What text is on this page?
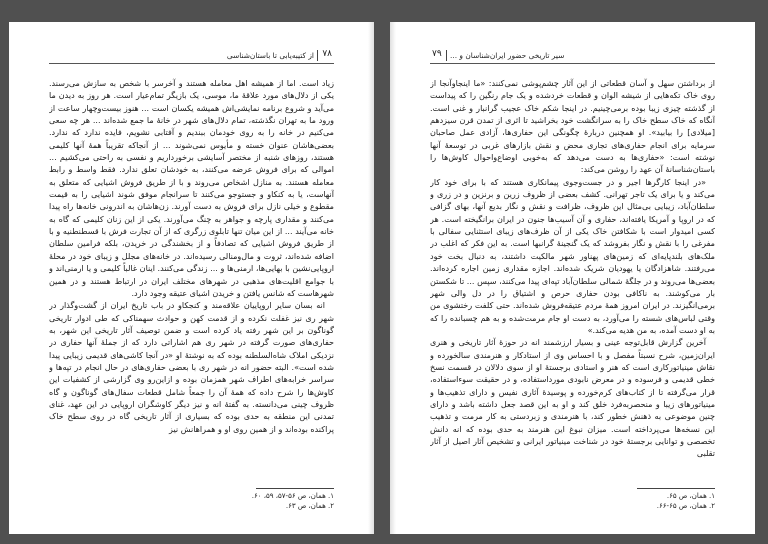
۷۸
از کتیبه‌یابی تا باستان‌شناسی

زیاد است. اما از همیشه اهل معامله هستند و آخرسر با شخص به سازش می‌رسند. یکی از دلال‌های مورد علاقهٔ ما، موسی، یک بازیگر تمام‌عیار است. هر روز به دیدن ما می‌آید و شروع برنامه نمایشی‌اش همیشه یکسان است ... هنوز بیست‌وچهار ساعت از ورود ما به تهران نگذشته، تمام دلال‌های شهر در خانهٔ ما جمع شده‌اند ... هر چه سعی می‌کنیم در خانه را به روی خودمان ببندیم و آفتابی نشویم، فایده ندارد که ندارد. بعضی‌هاشان عنوان خسته و مأیوس نمی‌شوند ... از آنجاکه تقریباً همهٔ آنها کلیمی هستند، روزهای شنبه از مختصر آسایشی برخورداریم و نفسی به راحتی می‌کشیم ... اموالی که برای فروش عرضه می‌کنند، به خودشان تعلق ندارد. فقط واسط و رابط معامله هستند. به منازل اشخاص می‌روند و با از طریق فروش اشیایی که متعلق به آنهاست، یا به کنکاو و جستوجو می‌کنند تا سرانجام موفق شوند اشیایی را به قیمت مقطوع و خیلی نازل برای فروش به دست آورند. زن‌هاشان به اندرونی خانه‌ها راه پیدا می‌کنند و مقداری پارچه و جواهر به چنگ می‌آورند. یکی از این زنان کلیمی که گاه به خانه می‌آیند ... از این میان تنها تابلوی زرگری که از آن تجارت فرش با قسطنطنیه و با از طریق فروش اشیایی که تصادفاً و از بخشندگی در خریدن، بلکه فرامین سلطان اضافه شده‌اند، ثروت و مال‌ومنالی رسیده‌اند. در خانه‌های مجلل و زیبای خود در محلهٔ اروپایی‌نشین با بهایی‌ها، ارمنی‌ها و ... زندگی می‌کنند. اینان غالباً کلیمی و یا ارمنی‌اند و با جوامع اقلیت‌های مذهبی در شهرهای مختلف ایران در ارتباط هستند و در همین شهرهاست که شانس یافتن و خریدن اشیای عتیقه وجود دارد.

انه بسان سایر اروپاییان علاقه‌مند و کنجکاو در باب تاریخ ایران از گشت‌وگذار در شهر ری نیز غفلت نکرده و از قدمت کهن و حوادث سهمناکی که طی ادوار تاریخی گوناگون بر این شهر رفته یاد کرده است و ضمن توصیف آثار تاریخی این شهر، به حفاری‌های صورت گرفته در شهر ری هم اشاراتی دارد که از جملهٔ آنها حفاری در نزدیکی املاک شاه‌السلطنه بوده که به نوشتهٔ او «در آنجا کاشی‌های قدیمی زیبایی پیدا شده است». البته حضور انه در شهر ری با بعضی حفاری‌های در حال انجام در تپه‌ها و سراسر خرابه‌های اطراف شهر همزمان بوده و ازاین‌رو وی گزارشی از کشفیات این کاوش‌ها را شرح داده که همهٔ آن را جمعاً شامل قطعات سفال‌های گوناگون و گاه ظروف چینی می‌دانسته. به گفتهٔ انه و نیز دیگر کاوشگران اروپایی در این عهد، غنای تمدنی این منطقه به حدی بوده که بسیاری از آثار تاریخی گاه در روی سطح خاک پراکنده بوده‌اند و از همین روی او و همراهانش نیز

۱. همان، ص ۵۶-۵۷، ۵۹، ۶۰.
۲. همان، ص ۶۳.
۷۹ سیر تاریخی حضور ایران‌شناسان و ...

از برداشتن سهل و آسان قطعاتی از این آثار چشم‌پوشی نمی‌کنند: «ما اینجاوآنجا از روی خاک تکه‌هایی از شیشه الوان و قطعات خردشده و یک جام رنگین را که پیداست از گذشته چیزی زیبا بوده برمی‌چینیم. در اینجا شکم خاک عجیب گرانبار و غنی است. آنگاه که خاک سطح خاک را به سرانگشت خود بخراشید تا اثری از تمدن قرن سیزدهم [میلادی] را بیابید». او همچنین دربارهٔ چگونگی این حفاری‌ها، آزادی عمل صاحبان سرمایه برای انجام حفاری‌های تجاری محض و نقش بازارهای غربی در توسعهٔ آنها نوشته است: «حفاری‌ها به دست می‌دهد که به‌خوبی اوضاع‌واحوال کاوش‌ها را باستان‌شناسانهٔ آن عهد را روشن می‌کند:

«در اینجا کارگرها اجیر و در جست‌وجوی پیمانکاری هستند که با برای خود کار می‌کند و یا برای یک تاجر تهرانی. کشف بعضی از ظروف زرین و برنزین و در زری و سلطان‌آباد، زیبایی بی‌مثال این ظروف، ظرافت و نقش و نگار بدیع آنها، بهای گزافی که در اروپا و آمریکا یافته‌اند، حفاری و آن آسیب‌ها جنون در ایران برانگیخته است. هر کسی امیدوار است با شکافتن خاک یکی از آن ظرف‌های زیبای استثنایی سفالی با مفرغی را با نقش و نگار بفروشد که یک گنجینهٔ گرانبها است. به این فکر که اغلب در ملک‌های بلندپایه‌ای که زمین‌های پهناور شهر مالکیت داشتند، به دنبال بخت خود می‌رفتند. شاهزادگان یا یهودیان شریک شده‌اند. اجازه مقداری زمین اجاره کرده‌اند. بعضی‌ها می‌روند و در جلگهٔ شمالی سلطان‌آباد تپه‌ای پیدا می‌کنند، سپس ... تا شکستن بار می‌کوشند. به ناکافی بودن حفاری حرص و اشتیاق را در دل والی شهر برمی‌انگیزند. در ایران امروز همهٔ مردم عتیقه‌فروش شده‌اند. حتی کلفت رختشوی من وقتی لباس‌های شسته را می‌آورد، به دست او جام مرمت‌شده و به هم چسبانده را که به او دست آمده، به من هدیه می‌کند.»

آخرین گزارش قابل‌توجه عینی و بسیار ارزشمند انه در حوزهٔ آثار تاریخی و هنری ایران‌زمین، شرح نسبتاً مفصل و با احساس وی از استادکار و هنرمندی سالخورده و نقاش مینیاتورکاری است که هنر و استادی برجستهٔ او از سوی دلالان در قسمت نسخ خطی قدیمی و فرسوده و در معرض نابودی مورداستفاده، و در حقیقت سوءاستفاده، قرار می‌گرفته تا از کتاب‌های کرم‌خورده و پوسیدهٔ آثاری نفیس و دارای تذهیب‌ها و مینیاتورهای زیبا و منحصربه‌فرد خلق کند و او به این قصد جعل داشته باشد و دارای چنین موضوعی به ذهنش خطور کند، با هنرمندی و زبردستی به کار مرمت و تذهیب این نسخه‌ها می‌پرداخته است. میزان نبوغ این هنرمند به حدی بوده که انه دانش تخصصی و توانایی برجستهٔ خود در شناخت مینیاتور ایرانی و تشخیص آثار اصیل از آثار تقلبی

۱. همان، ص ۶۵.
۲. همان، ص ۶۵-۶۶.
